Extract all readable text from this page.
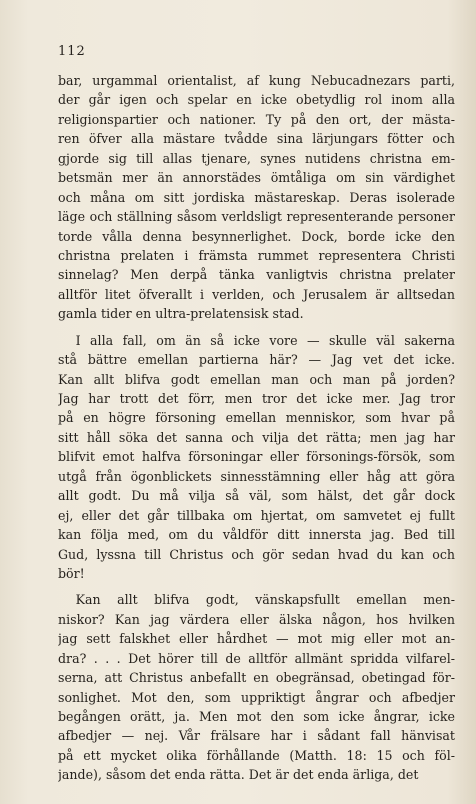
112
bar, urgammal orientalist, af kung Nebucadnezars parti,
der går igen och spelar en icke obetydlig rol inom alla
religionspartier och nationer. Ty på den ort, der mästa-
ren öfver alla mästare tvådde sina lärjungars fötter och
gjorde sig till allas tjenare, synes nutidens christna em-
betsmän mer än annorstädes ömtåliga om sin värdighet
och måna om sitt jordiska mästareskap. Deras isolerade
läge och ställning såsom verldsligt representerande personer
torde vålla denna besynnerlighet. Dock, borde icke den
christna prelaten i främsta rummet representera Christi
sinnelag? Men derpå tänka vanligtvis christna prelater
alltför litet öfverallt i verlden, och Jerusalem är alltsedan
gamla tider en ultra-prelatensisk stad.
I alla fall, om än så icke vore — skulle väl sakerna
stå bättre emellan partierna här? — Jag vet det icke.
Kan allt blifva godt emellan man och man på jorden?
Jag har trott det förr, men tror det icke mer. Jag tror
på en högre försoning emellan menniskor, som hvar på
sitt håll söka det sanna och vilja det rätta; men jag har
blifvit emot halfva försoningar eller försonings-försök, som
utgå från ögonblickets sinnesstämning eller håg att göra
allt godt. Du må vilja så väl, som hälst, det går dock
ej, eller det går tillbaka om hjertat, om samvetet ej fullt
kan följa med, om du våldför ditt innersta jag. Bed till
Gud, lyssna till Christus och gör sedan hvad du kan och
bör!
Kan allt blifva godt, vänskapsfullt emellan men-
niskor? Kan jag värdera eller älska någon, hos hvilken
jag sett falskhet eller hårdhet — mot mig eller mot an-
dra? . . . Det hörer till de alltför allmänt spridda vilfarel-
serna, att Christus anbefallt en obegränsad, obetingad för-
sonlighet. Mot den, som uppriktigt ångrar och afbedjer
begången orätt, ja. Men mot den som icke ångrar, icke
afbedjer — nej. Vår frälsare har i sådant fall hänvisat
på ett mycket olika förhållande (Matth. 18: 15 och föl-
jande), såsom det enda rätta. Det är det enda ärliga, det
